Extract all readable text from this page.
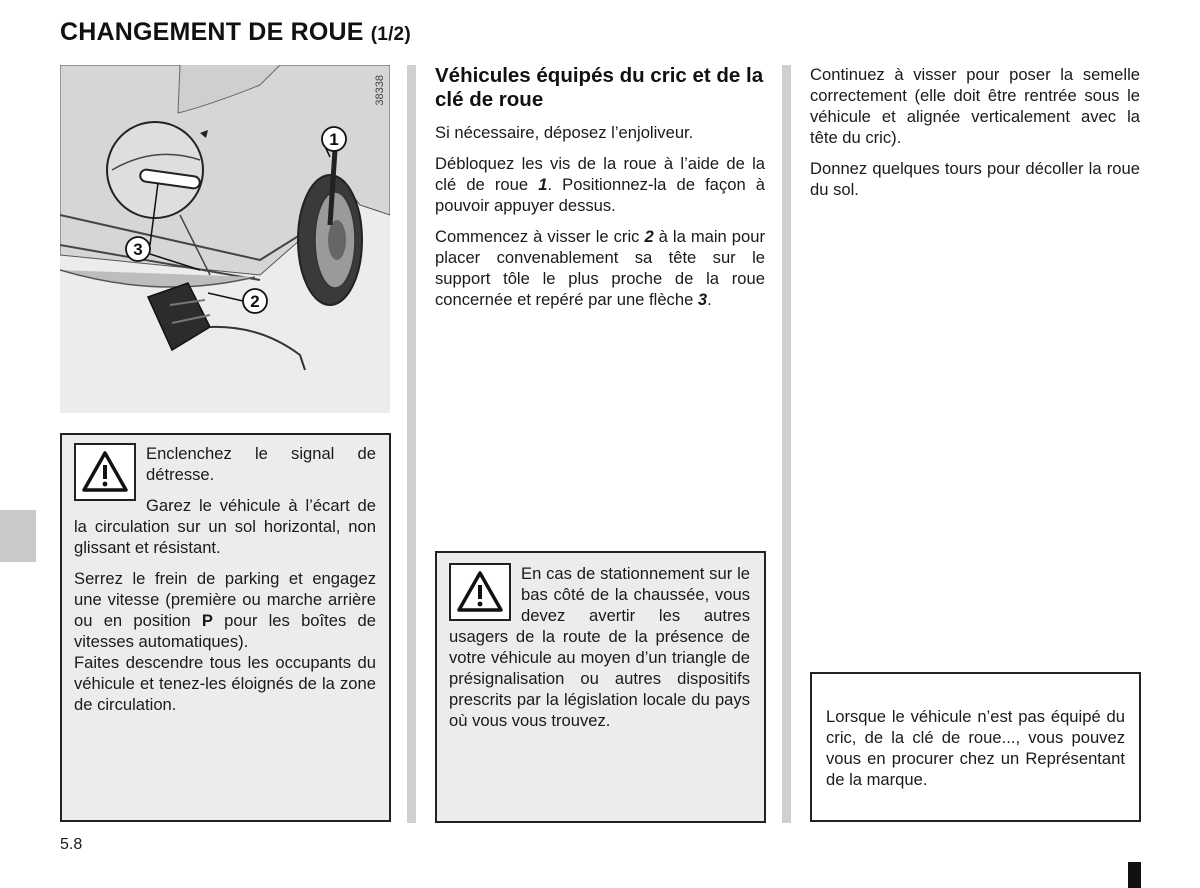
CHANGEMENT DE ROUE (1/2)
1
2
3
38338

Enclenchez le signal de détresse.

Garez le véhicule à l’écart de la circulation sur un sol horizontal, non glissant et résistant.

Serrez le frein de parking et engagez une vitesse (première ou marche arrière ou en position P pour les boîtes de vitesses automatiques).

Faites descendre tous les occupants du véhicule et tenez-les éloignés de la zone de circulation.

Véhicules équipés du cric et de la clé de roue

Si nécessaire, déposez l’enjoliveur.

Débloquez les vis de la roue à l’aide de la clé de roue 1. Positionnez-la de façon à pouvoir appuyer dessus.

Commencez à visser le cric 2 à la main pour placer convenablement sa tête sur le support tôle le plus proche de la roue concernée et repéré par une flèche 3.

En cas de stationnement sur le bas côté de la chaussée, vous devez avertir les autres usagers de la route de la présence de votre véhicule au moyen d’un triangle de présignalisation ou autres dispositifs prescrits par la législation locale du pays où vous vous trouvez.

Continuez à visser pour poser la semelle correctement (elle doit être rentrée sous le véhicule et alignée verticalement avec la tête du cric).

Donnez quelques tours pour décoller la roue du sol.

Lorsque le véhicule n’est pas équipé du cric, de la clé de roue..., vous pouvez vous en procurer chez un Représentant de la marque.

5.8
